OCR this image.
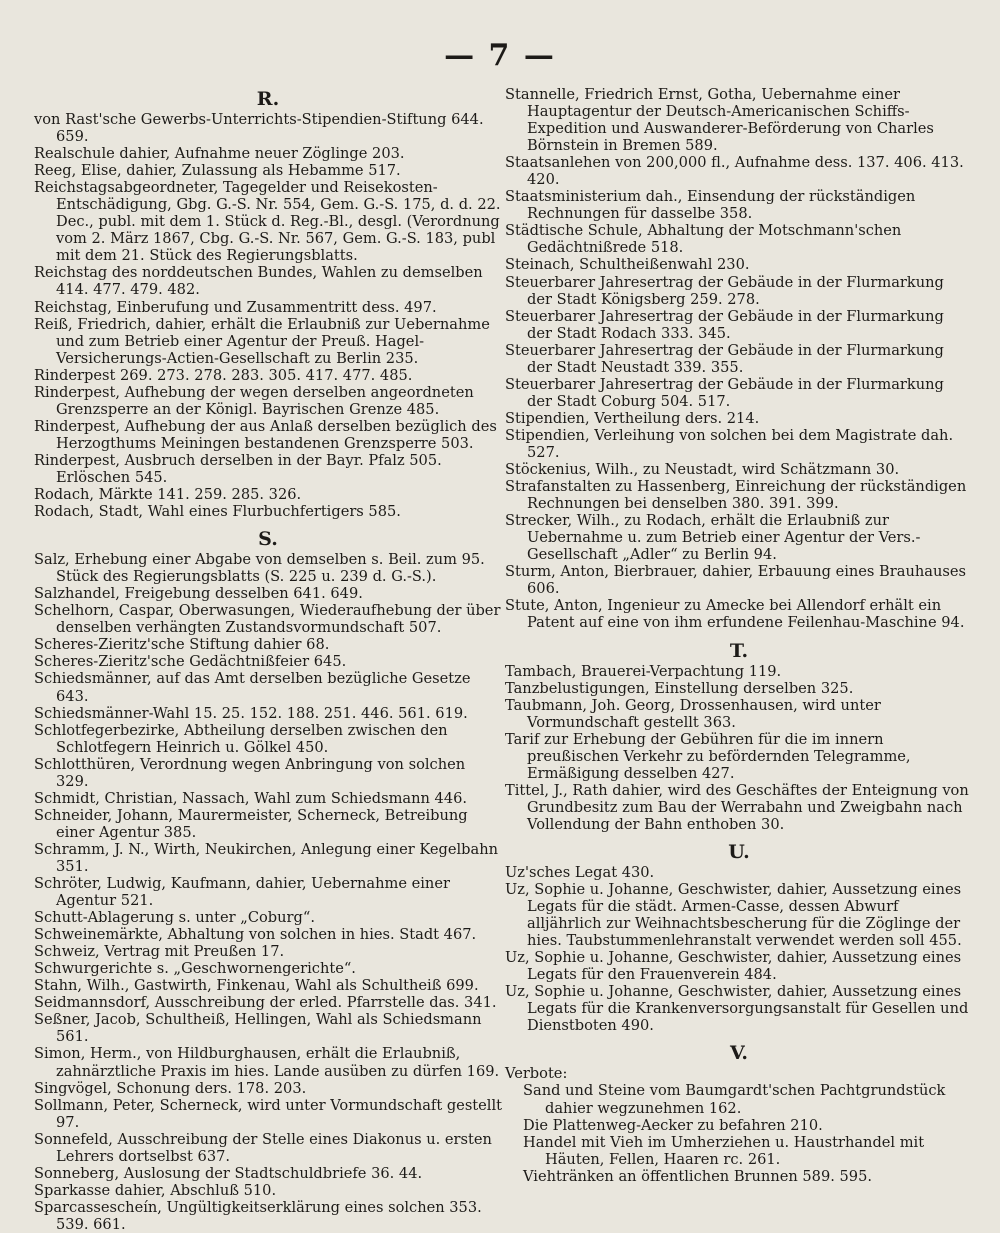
— 7 —
R.
von Rast'sche Gewerbs-Unterrichts-Stipendien-Stiftung 644. 659.
Realschule dahier, Aufnahme neuer Zöglinge 203.
Reeg, Elise, dahier, Zulassung als Hebamme 517.
Reichstagsabgeordneter, Tagegelder und Reisekosten-Entschädigung, Gbg. G.-S. Nr. 554, Gem. G.-S. 175, d. d. 22. Dec., publ. mit dem 1. Stück d. Reg.-Bl., desgl. (Verordnung vom 2. März 1867, Cbg. G.-S. Nr. 567, Gem. G.-S. 183, publ mit dem 21. Stück des Regierungsblatts.
Reichstag des norddeutschen Bundes, Wahlen zu demselben 414. 477. 479. 482.
Reichstag, Einberufung und Zusammentritt dess. 497.
Reiß, Friedrich, dahier, erhält die Erlaubniß zur Uebernahme und zum Betrieb einer Agentur der Preuß. Hagel-Versicherungs-Actien-Gesellschaft zu Berlin 235.
Rinderpest 269. 273. 278. 283. 305. 417. 477. 485.
Rinderpest, Aufhebung der wegen derselben angeordneten Grenzsperre an der Königl. Bayrischen Grenze 485.
Rinderpest, Aufhebung der aus Anlaß derselben bezüglich des Herzogthums Meiningen bestandenen Grenzsperre 503.
Rinderpest, Ausbruch derselben in der Bayr. Pfalz 505. Erlöschen 545.
Rodach, Märkte 141. 259. 285. 326.
Rodach, Stadt, Wahl eines Flurbuchfertigers 585.
S.
Salz, Erhebung einer Abgabe von demselben s. Beil. zum 95. Stück des Regierungsblatts (S. 225 u. 239 d. G.-S.).
Salzhandel, Freigebung desselben 641. 649.
Schelhorn, Caspar, Oberwasungen, Wiederaufhebung der über denselben verhängten Zustandsvormundschaft 507.
Scheres-Zieritz'sche Stiftung dahier 68.
Scheres-Zieritz'sche Gedächtnißfeier 645.
Schiedsmänner, auf das Amt derselben bezügliche Gesetze 643.
Schiedsmänner-Wahl 15. 25. 152. 188. 251. 446. 561. 619.
Schlotfegerbezirke, Abtheilung derselben zwischen den Schlotfegern Heinrich u. Gölkel 450.
Schlotthüren, Verordnung wegen Anbringung von solchen 329.
Schmidt, Christian, Nassach, Wahl zum Schiedsmann 446.
Schneider, Johann, Maurermeister, Scherneck, Betreibung einer Agentur 385.
Schramm, J. N., Wirth, Neukirchen, Anlegung einer Kegelbahn 351.
Schröter, Ludwig, Kaufmann, dahier, Uebernahme einer Agentur 521.
Schutt-Ablagerung s. unter „Coburg“.
Schweinemärkte, Abhaltung von solchen in hies. Stadt 467.
Schweiz, Vertrag mit Preußen 17.
Schwurgerichte s. „Geschwornengerichte“.
Stahn, Wilh., Gastwirth, Finkenau, Wahl als Schultheiß 699.
Seidmannsdorf, Ausschreibung der erled. Pfarrstelle das. 341.
Seßner, Jacob, Schultheiß, Hellingen, Wahl als Schiedsmann 561.
Simon, Herm., von Hildburghausen, erhält die Erlaubniß, zahnärztliche Praxis im hies. Lande ausüben zu dürfen 169.
Singvögel, Schonung ders. 178. 203.
Sollmann, Peter, Scherneck, wird unter Vormundschaft gestellt 97.
Sonnefeld, Ausschreibung der Stelle eines Diakonus u. ersten Lehrers dortselbst 637.
Sonneberg, Auslosung der Stadtschuldbriefe 36. 44.
Sparkasse dahier, Abschluß 510.
Sparcassescheín, Ungültigkeitserklärung eines solchen 353. 539. 661.
Stannelle, Friedrich Ernst, Gotha, Uebernahme einer Hauptagentur der Deutsch-Americanischen Schiffs-Expedition und Auswanderer-Beförderung von Charles Börnstein in Bremen 589.
Staatsanlehen von 200,000 fl., Aufnahme dess. 137. 406. 413. 420.
Staatsministerium dah., Einsendung der rückständigen Rechnungen für dasselbe 358.
Städtische Schule, Abhaltung der Motschmann'schen Gedächtnißrede 518.
Steinach, Schultheißenwahl 230.
Steuerbarer Jahresertrag der Gebäude in der Flurmarkung der Stadt Königsberg 259. 278.
Steuerbarer Jahresertrag der Gebäude in der Flurmarkung der Stadt Rodach 333. 345.
Steuerbarer Jahresertrag der Gebäude in der Flurmarkung der Stadt Neustadt 339. 355.
Steuerbarer Jahresertrag der Gebäude in der Flurmarkung der Stadt Coburg 504. 517.
Stipendien, Vertheilung ders. 214.
Stipendien, Verleihung von solchen bei dem Magistrate dah. 527.
Stöckenius, Wilh., zu Neustadt, wird Schätzmann 30.
Strafanstalten zu Hassenberg, Einreichung der rückständigen Rechnungen bei denselben 380. 391. 399.
Strecker, Wilh., zu Rodach, erhält die Erlaubniß zur Uebernahme u. zum Betrieb einer Agentur der Vers.-Gesellschaft „Adler“ zu Berlin 94.
Sturm, Anton, Bierbrauer, dahier, Erbauung eines Brauhauses 606.
Stute, Anton, Ingenieur zu Amecke bei Allendorf erhält ein Patent auf eine von ihm erfundene Feilenhau-Maschine 94.
T.
Tambach, Brauerei-Verpachtung 119.
Tanzbelustigungen, Einstellung derselben 325.
Taubmann, Joh. Georg, Drossenhausen, wird unter Vormundschaft gestellt 363.
Tarif zur Erhebung der Gebühren für die im innern preußischen Verkehr zu befördernden Telegramme, Ermäßigung desselben 427.
Tittel, J., Rath dahier, wird des Geschäftes der Enteignung von Grundbesitz zum Bau der Werrabahn und Zweigbahn nach Vollendung der Bahn enthoben 30.
U.
Uz'sches Legat 430.
Uz, Sophie u. Johanne, Geschwister, dahier, Aussetzung eines Legats für die städt. Armen-Casse, dessen Abwurf alljährlich zur Weihnachtsbescherung für die Zöglinge der hies. Taubstummenlehranstalt verwendet werden soll 455.
Uz, Sophie u. Johanne, Geschwister, dahier, Aussetzung eines Legats für den Frauenverein 484.
Uz, Sophie u. Johanne, Geschwister, dahier, Aussetzung eines Legats für die Krankenversorgungsanstalt für Gesellen und Dienstboten 490.
V.
Verbote:
Sand und Steine vom Baumgardt'schen Pachtgrundstück dahier wegzunehmen 162.
Die Plattenweg-Aecker zu befahren 210.
Handel mit Vieh im Umherziehen u. Haustrhandel mit Häuten, Fellen, Haaren rc. 261.
Viehtränken an öffentlichen Brunnen 589. 595.
